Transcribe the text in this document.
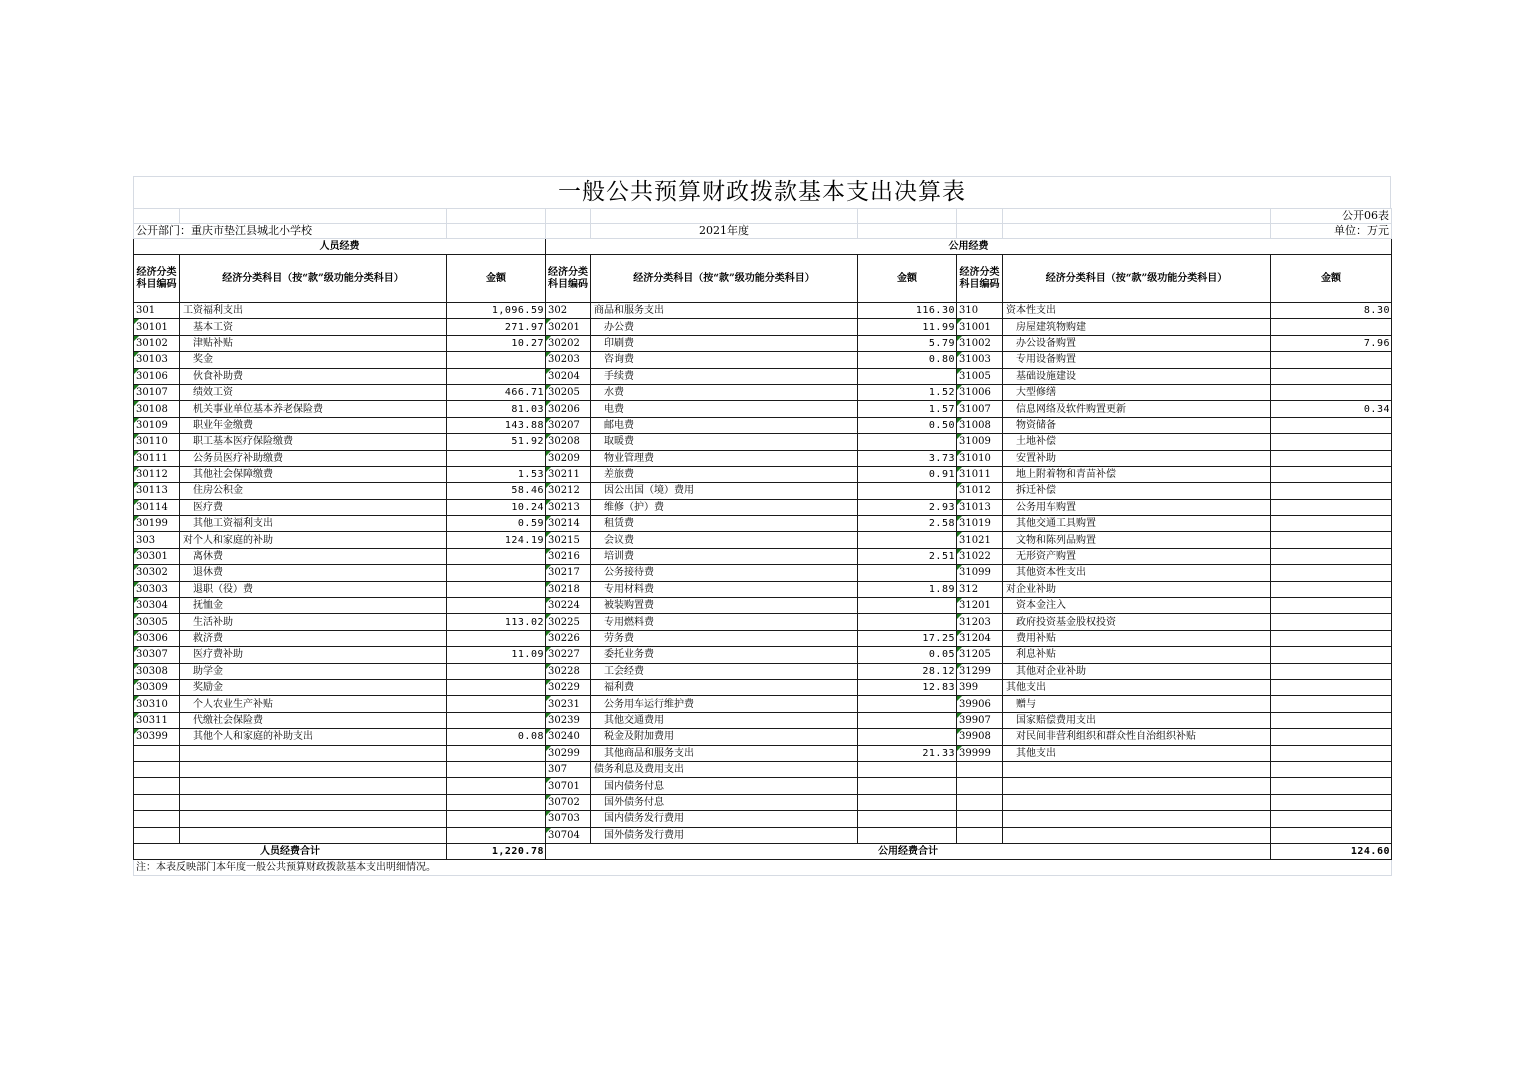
一般公共预算财政拨款基本支出决算表
								公开06表
公开部门：重庆市垫江县城北小学校				2021年度				单位：万元
人员经费			公用经费					
经济分类科目编码	经济分类科目（按“款”级功能分类科目）	金额	经济分类科目编码	经济分类科目（按“款”级功能分类科目）	金额	经济分类科目编码	经济分类科目（按“款”级功能分类科目）	金额
301	工资福利支出	1,096.59	302	商品和服务支出	116.30	310	资本性支出	8.30
30101	基本工资	271.97	30201	办公费	11.99	31001	房屋建筑物购建	
30102	津贴补贴	10.27	30202	印刷费	5.79	31002	办公设备购置	7.96
30103	奖金		30203	咨询费	0.80	31003	专用设备购置	
30106	伙食补助费		30204	手续费		31005	基础设施建设	
30107	绩效工资	466.71	30205	水费	1.52	31006	大型修缮	
30108	机关事业单位基本养老保险费	81.03	30206	电费	1.57	31007	信息网络及软件购置更新	0.34
30109	职业年金缴费	143.88	30207	邮电费	0.50	31008	物资储备	
30110	职工基本医疗保险缴费	51.92	30208	取暖费		31009	土地补偿	
30111	公务员医疗补助缴费		30209	物业管理费	3.73	31010	安置补助	
30112	其他社会保障缴费	1.53	30211	差旅费	0.91	31011	地上附着物和青苗补偿	
30113	住房公积金	58.46	30212	因公出国（境）费用		31012	拆迁补偿	
30114	医疗费	10.24	30213	维修（护）费	2.93	31013	公务用车购置	
30199	其他工资福利支出	0.59	30214	租赁费	2.58	31019	其他交通工具购置	
303	对个人和家庭的补助	124.19	30215	会议费		31021	文物和陈列品购置	
30301	离休费		30216	培训费	2.51	31022	无形资产购置	
30302	退休费		30217	公务接待费		31099	其他资本性支出	
30303	退职（役）费		30218	专用材料费	1.89	312	对企业补助	
30304	抚恤金		30224	被装购置费		31201	资本金注入	
30305	生活补助	113.02	30225	专用燃料费		31203	政府投资基金股权投资	
30306	救济费		30226	劳务费	17.25	31204	费用补贴	
30307	医疗费补助	11.09	30227	委托业务费	0.05	31205	利息补贴	
30308	助学金		30228	工会经费	28.12	31299	其他对企业补助	
30309	奖励金		30229	福利费	12.83	399	其他支出	
30310	个人农业生产补贴		30231	公务用车运行维护费		39906	赠与	
30311	代缴社会保险费		30239	其他交通费用		39907	国家赔偿费用支出	
30399	其他个人和家庭的补助支出	0.08	30240	税金及附加费用		39908	对民间非营利组织和群众性自治组织补贴	
			30299	其他商品和服务支出	21.33	39999	其他支出	
			307	债务利息及费用支出				
			30701	国内债务付息				
			30702	国外债务付息				
			30703	国内债务发行费用				
			30704	国外债务发行费用				
人员经费合计		1,220.78	公用经费合计					124.60
注：本表反映部门本年度一般公共预算财政拨款基本支出明细情况。								
